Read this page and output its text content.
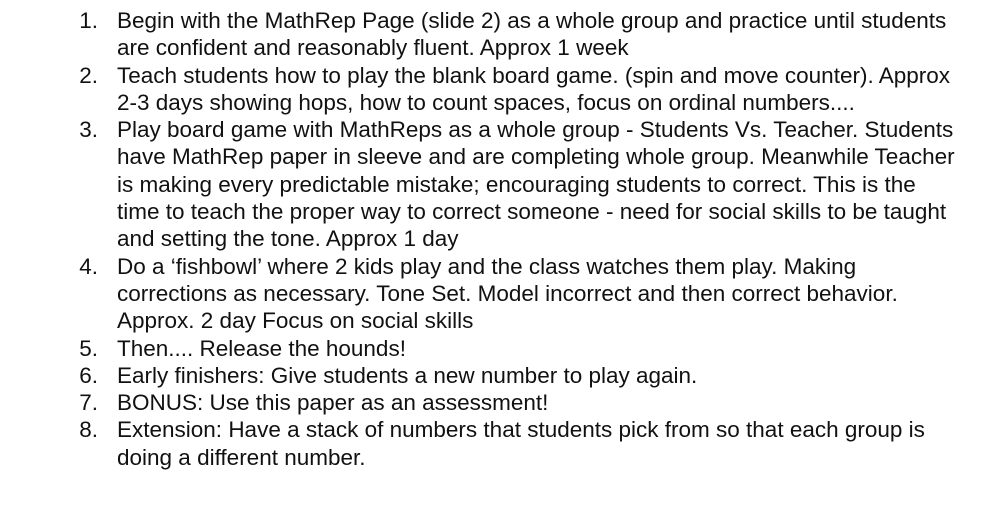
1. Begin with the MathRep Page (slide 2) as a whole group and practice until students are confident and reasonably fluent. Approx 1 week
2. Teach students how to play the blank board game. (spin and move counter). Approx 2-3 days showing hops, how to count spaces, focus on ordinal numbers....
3. Play board game with MathReps as a whole group - Students Vs. Teacher. Students have MathRep paper in sleeve and are completing whole group. Meanwhile Teacher is making every predictable mistake; encouraging students to correct. This is the time to teach the proper way to correct someone - need for social skills to be taught and setting the tone. Approx 1 day
4. Do a ‘fishbowl’ where 2 kids play and the class watches them play. Making corrections as necessary. Tone Set. Model incorrect and then correct behavior. Approx. 2 day Focus on social skills
5. Then.... Release the hounds!
6. Early finishers: Give students a new number to play again.
7. BONUS: Use this paper as an assessment!
8. Extension: Have a stack of numbers that students pick from so that each group is doing a different number.
